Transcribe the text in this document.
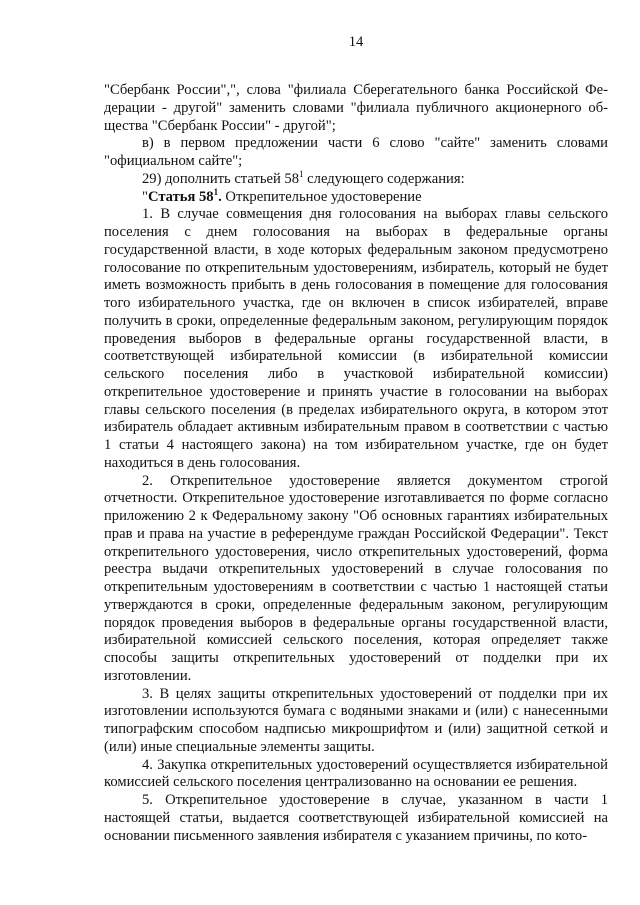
14

"Сбербанк России",", слова "филиала Сберегательного банка Российской Фе- дерации - другой" заменить словами "филиала публичного акционерного об- щества "Сбербанк России" - другой";

в) в первом предложении части 6 слово "сайте" заменить словами "официальном сайте";

29) дополнить статьей $58^1$ следующего содержания:

"Статья $58^1$. Открепительное удостоверение

1. В случае совмещения дня голосования на выборах главы сельского поселения с днем голосования на выборах в федеральные органы государственной власти, в ходе которых федеральным законом предусмотрено голосование по открепительным удостоверениям, избиратель, который не будет иметь возможность прибыть в день голосования в помещение для голосования того избирательного участка, где он включен в список избирателей, вправе получить в сроки, определенные федеральным законом, регулирующим порядок проведения выборов в федеральные органы государственной власти, в соответствующей избирательной комиссии (в избирательной комиссии сельского поселения либо в участковой избирательной комиссии) открепительное удостоверение и принять участие в голосовании на выборах главы сельского поселения (в пределах избирательного округа, в котором этот избиратель обладает активным избирательным правом в соответствии с частью 1 статьи 4 настоящего закона) на том избирательном участке, где он будет находиться в день голосования.

2. Открепительное удостоверение является документом строгой отчетности. Открепительное удостоверение изготавливается по форме согласно приложению 2 к Федеральному закону "Об основных гарантиях избирательных прав и права на участие в референдуме граждан Российской Федерации". Текст открепительного удостоверения, число открепительных удостоверений, форма реестра выдачи открепительных удостоверений в случае голосования по открепительным удостоверениям в соответствии с частью 1 настоящей статьи утверждаются в сроки, определенные федеральным законом, регулирующим порядок проведения выборов в федеральные органы государственной власти, избирательной комиссией сельского поселения, которая определяет также способы защиты открепительных удостоверений от подделки при их изготовлении.

3. В целях защиты открепительных удостоверений от подделки при их изготовлении используются бумага с водяными знаками и (или) с нанесенными типографским способом надписью микрошрифтом и (или) защитной сеткой и (или) иные специальные элементы защиты.

4. Закупка открепительных удостоверений осуществляется избирательной комиссией сельского поселения централизованно на основании ее решения.

5. Открепительное удостоверение в случае, указанном в части 1 настоящей статьи, выдается соответствующей избирательной комиссией на основании письменного заявления избирателя с указанием причины, по кото-
